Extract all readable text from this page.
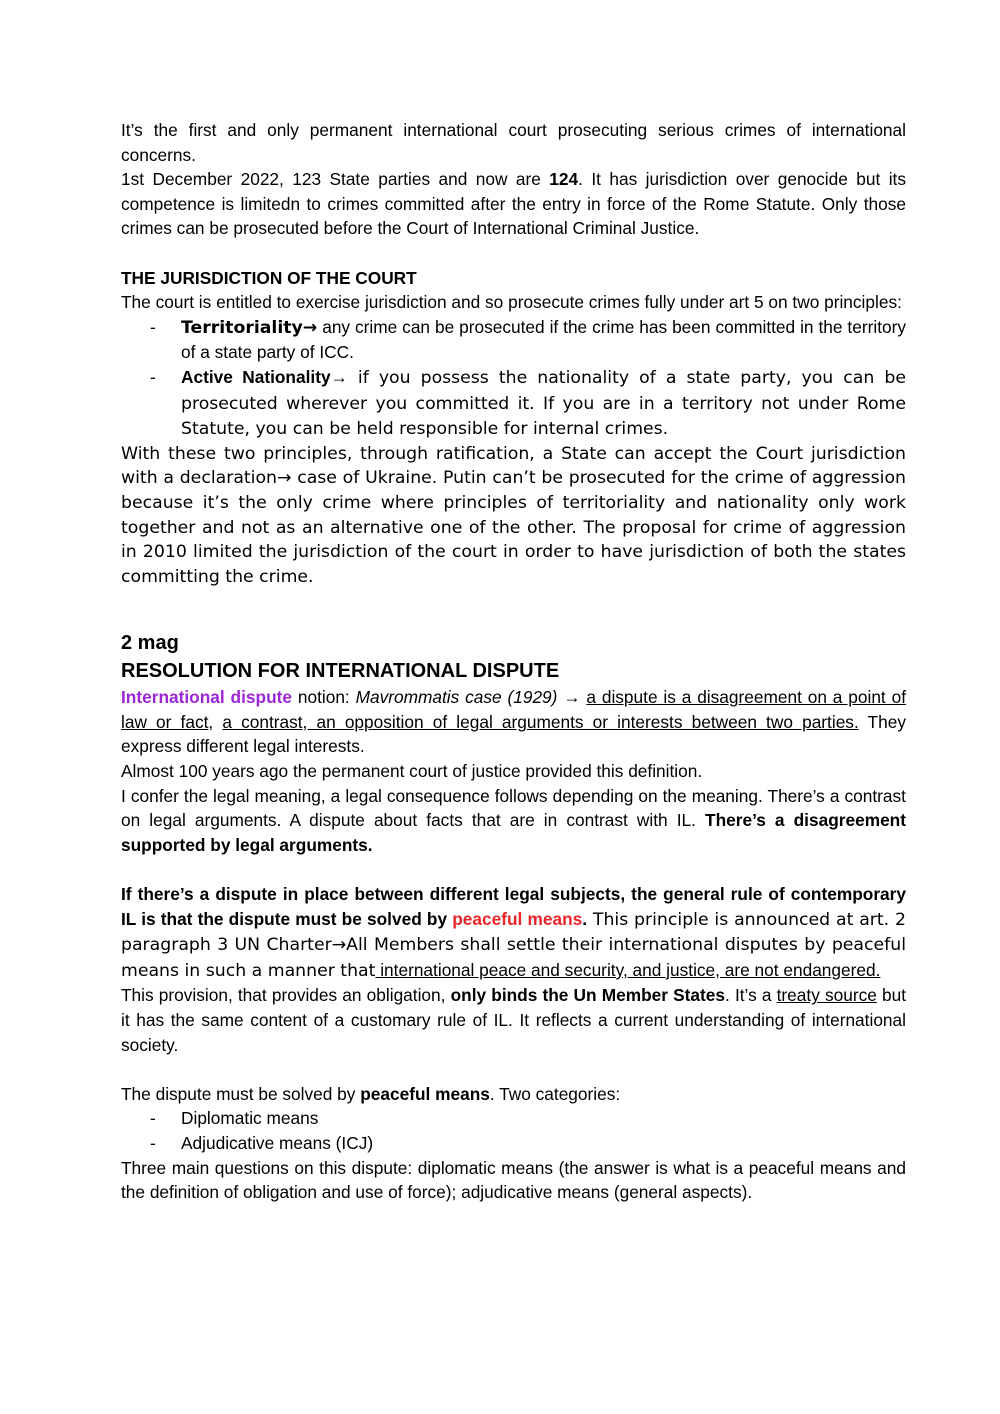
It’s the first and only permanent international court prosecuting serious crimes of international concerns.

1st December 2022, 123 State parties and now are 124. It has jurisdiction over genocide but its competence is limitedn to crimes committed after the entry in force of the Rome Statute. Only those crimes can be prosecuted before the Court of International Criminal Justice.

THE JURISDICTION OF THE COURT

The court is entitled to exercise jurisdiction and so prosecute crimes fully under art 5 on two principles:

- Territoriality→ any crime can be prosecuted if the crime has been committed in the territory of a state party of ICC.
- Active Nationality→ if you possess the nationality of a state party, you can be prosecuted wherever you committed it. If you are in a territory not under Rome Statute, you can be held responsible for internal crimes.

With these two principles, through ratification, a State can accept the Court jurisdiction with a declaration→ case of Ukraine. Putin can’t be prosecuted for the crime of aggression because it’s the only crime where principles of territoriality and nationality only work together and not as an alternative one of the other. The proposal for crime of aggression in 2010 limited the jurisdiction of the court in order to have jurisdiction of both the states committing the crime.

2 mag

RESOLUTION FOR INTERNATIONAL DISPUTE

International dispute notion: Mavrommatis case (1929) → a dispute is a disagreement on a point of law or fact, a contrast, an opposition of legal arguments or interests between two parties. They express different legal interests.

Almost 100 years ago the permanent court of justice provided this definition.

I confer the legal meaning, a legal consequence follows depending on the meaning. There’s a contrast on legal arguments. A dispute about facts that are in contrast with IL. There’s a disagreement supported by legal arguments.

If there’s a dispute in place between different legal subjects, the general rule of contemporary IL is that the dispute must be solved by peaceful means. This principle is announced at art. 2 paragraph 3 UN Charter→All Members shall settle their international disputes by peaceful means in such a manner that international peace and security, and justice, are not endangered.

This provision, that provides an obligation, only binds the Un Member States. It’s a treaty source but it has the same content of a customary rule of IL. It reflects a current understanding of international society.

The dispute must be solved by peaceful means. Two categories:

- Diplomatic means
- Adjudicative means (ICJ)

Three main questions on this dispute: diplomatic means (the answer is what is a peaceful means and the definition of obligation and use of force); adjudicative means (general aspects).
